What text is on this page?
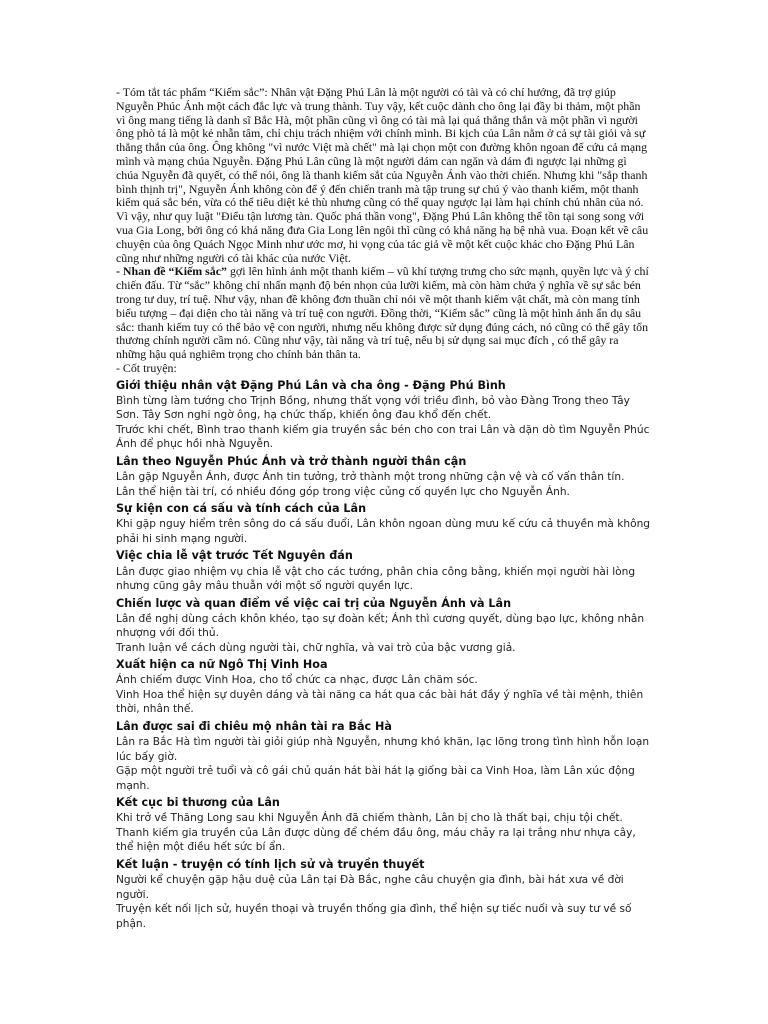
- Tóm tắt tác phẩm “Kiếm sắc”: Nhân vật Đặng Phú Lân là một người có tài và có chí hướng, đã trợ giúp Nguyễn Phúc Ánh một cách đắc lực và trung thành. Tuy vậy, kết cuộc dành cho ông lại đầy bi thảm, một phần vì ông mang tiếng là danh sĩ Bắc Hà, một phần cũng vì ông có tài mà lại quá thẳng thắn và một phần vì người ông phò tá là một kẻ nhẫn tâm, chỉ chịu trách nhiệm với chính mình. Bi kịch của Lân nằm ở cả sự tài giỏi và sự thẳng thắn của ông. Ông không "vì nước Việt mà chết" mà lại chọn một con đường khôn ngoan để cứu cả mạng mình và mạng chúa Nguyễn. Đặng Phú Lân cũng là một người dám can ngăn và dám đi ngược lại những gì chúa Nguyễn đã quyết, có thể nói, ông là thanh kiếm sắt của Nguyễn Ánh vào thời chiến. Nhưng khi "sắp thanh bình thịnh trị", Nguyễn Ánh không còn để ý đến chiến tranh mà tập trung sự chú ý vào thanh kiếm, một thanh kiếm quá sắc bén, vừa có thể tiêu diệt kẻ thù nhưng cũng có thể quay ngược lại làm hại chính chủ nhân của nó. Vì vậy, như quy luật "Điểu tận lương tàn. Quốc phá thần vong", Đặng Phú Lân không thể tồn tại song song với vua Gia Long, bởi ông có khả năng đưa Gia Long lên ngôi thì cũng có khả năng hạ bệ nhà vua. Đoạn kết về câu chuyện của ông Quách Ngọc Minh như ước mơ, hi vọng của tác giả về một kết cuộc khác cho Đặng Phú Lân cũng như những người có tài khác của nước Việt.

- Nhan đề “Kiếm sắc” gợi lên hình ảnh một thanh kiếm – vũ khí tượng trưng cho sức mạnh, quyền lực và ý chí chiến đấu. Từ “sắc” không chỉ nhấn mạnh độ bén nhọn của lưỡi kiếm, mà còn hàm chứa ý nghĩa về sự sắc bén trong tư duy, trí tuệ. Như vậy, nhan đề không đơn thuần chỉ nói về một thanh kiếm vật chất, mà còn mang tính biểu tượng – đại diện cho tài năng và trí tuệ con người. Đồng thời, “Kiếm sắc” cũng là một hình ảnh ẩn dụ sâu sắc: thanh kiếm tuy có thể bảo vệ con người, nhưng nếu không được sử dụng đúng cách, nó cũng có thể gây tổn thương chính người cầm nó. Cũng như vậy, tài năng và trí tuệ, nếu bị sử dụng sai mục đích , có thể gây ra những hậu quả nghiêm trọng cho chính bản thân ta.

- Cốt truyện:

Giới thiệu nhân vật Đặng Phú Lân và cha ông - Đặng Phú Bình

Bình từng làm tướng cho Trịnh Bồng, nhưng thất vọng với triều đình, bỏ vào Đàng Trong theo Tây Sơn. Tây Sơn nghi ngờ ông, hạ chức thấp, khiến ông đau khổ đến chết.

Trước khi chết, Bình trao thanh kiếm gia truyền sắc bén cho con trai Lân và dặn dò tìm Nguyễn Phúc Ánh để phục hồi nhà Nguyễn.

Lân theo Nguyễn Phúc Ánh và trở thành người thân cận

Lân gặp Nguyễn Ánh, được Ánh tin tưởng, trở thành một trong những cận vệ và cố vấn thân tín.

Lân thể hiện tài trí, có nhiều đóng góp trong việc củng cố quyền lực cho Nguyễn Ánh.

Sự kiện con cá sấu và tính cách của Lân

Khi gặp nguy hiểm trên sông do cá sấu đuổi, Lân khôn ngoan dùng mưu kế cứu cả thuyền mà không phải hi sinh mạng người.

Việc chia lễ vật trước Tết Nguyên đán

Lân được giao nhiệm vụ chia lễ vật cho các tướng, phân chia công bằng, khiến mọi người hài lòng nhưng cũng gây mâu thuẫn với một số người quyền lực.

Chiến lược và quan điểm về việc cai trị của Nguyễn Ánh và Lân

Lân đề nghị dùng cách khôn khéo, tạo sự đoàn kết; Ánh thì cương quyết, dùng bạo lực, không nhân nhượng với đối thủ.

Tranh luận về cách dùng người tài, chữ nghĩa, và vai trò của bậc vương giả.

Xuất hiện ca nữ Ngô Thị Vinh Hoa

Ánh chiếm được Vinh Hoa, cho tổ chức ca nhạc, được Lân chăm sóc.

Vinh Hoa thể hiện sự duyên dáng và tài năng ca hát qua các bài hát đầy ý nghĩa về tài mệnh, thiên thời, nhân thế.

Lân được sai đi chiêu mộ nhân tài ra Bắc Hà

Lân ra Bắc Hà tìm người tài giỏi giúp nhà Nguyễn, nhưng khó khăn, lạc lõng trong tình hình hỗn loạn lúc bấy giờ.

Gặp một người trẻ tuổi và cô gái chủ quán hát bài hát lạ giống bài ca Vinh Hoa, làm Lân xúc động mạnh.

Kết cục bi thương của Lân

Khi trở về Thăng Long sau khi Nguyễn Ánh đã chiếm thành, Lân bị cho là thất bại, chịu tội chết.

Thanh kiếm gia truyền của Lân được dùng để chém đầu ông, máu chảy ra lại trắng như nhựa cây, thể hiện một điều hết sức bí ẩn.

Kết luận - truyện có tính lịch sử và truyền thuyết

Người kể chuyện gặp hậu duệ của Lân tại Đà Bắc, nghe câu chuyện gia đình, bài hát xưa về đời người.

Truyện kết nối lịch sử, huyền thoại và truyền thống gia đình, thể hiện sự tiếc nuối và suy tư về số phận.
